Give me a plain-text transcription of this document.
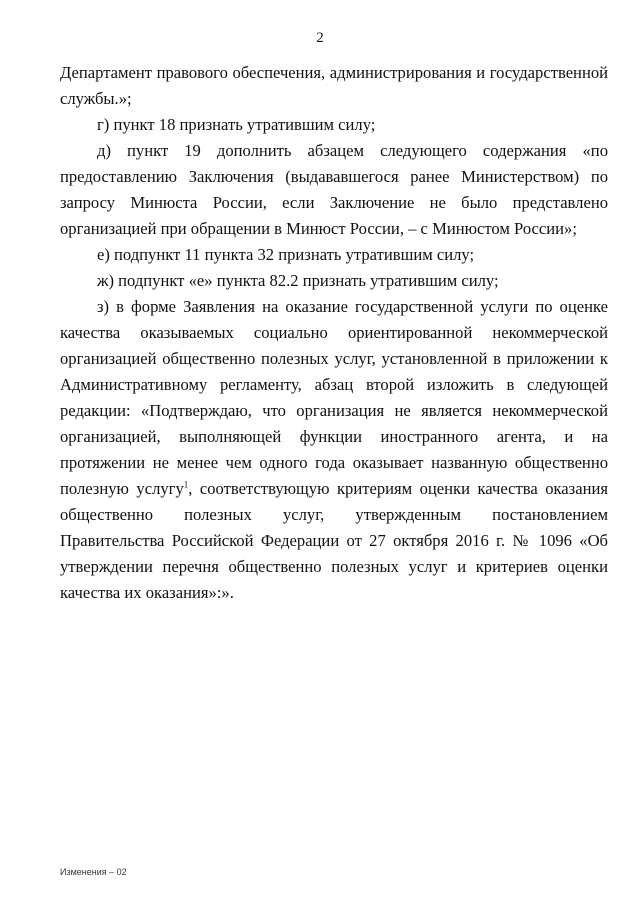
2

Департамент правового обеспечения, администрирования и государственной службы.»;

г) пункт 18 признать утратившим силу;

д) пункт 19 дополнить абзацем следующего содержания «по предоставлению Заключения (выдававшегося ранее Министерством) по запросу Минюста России, если Заключение не было представлено организацией при обращении в Минюст России, – с Минюстом России»;

е) подпункт 11 пункта 32 признать утратившим силу;

ж) подпункт «е» пункта 82.2 признать утратившим силу;

з) в форме Заявления на оказание государственной услуги по оценке качества оказываемых социально ориентированной некоммерческой организацией общественно полезных услуг, установленной в приложении к Административному регламенту, абзац второй изложить в следующей редакции: «Подтверждаю, что организация не является некоммерческой организацией, выполняющей функции иностранного агента, и на протяжении не менее чем одного года оказывает названную общественно полезную услугу$^1$, соответствующую критериям оценки качества оказания общественно полезных услуг, утвержденным постановлением Правительства Российской Федерации от 27 октября 2016 г. № 1096 «Об утверждении перечня общественно полезных услуг и критериев оценки качества их оказания»:».

Изменения – 02
